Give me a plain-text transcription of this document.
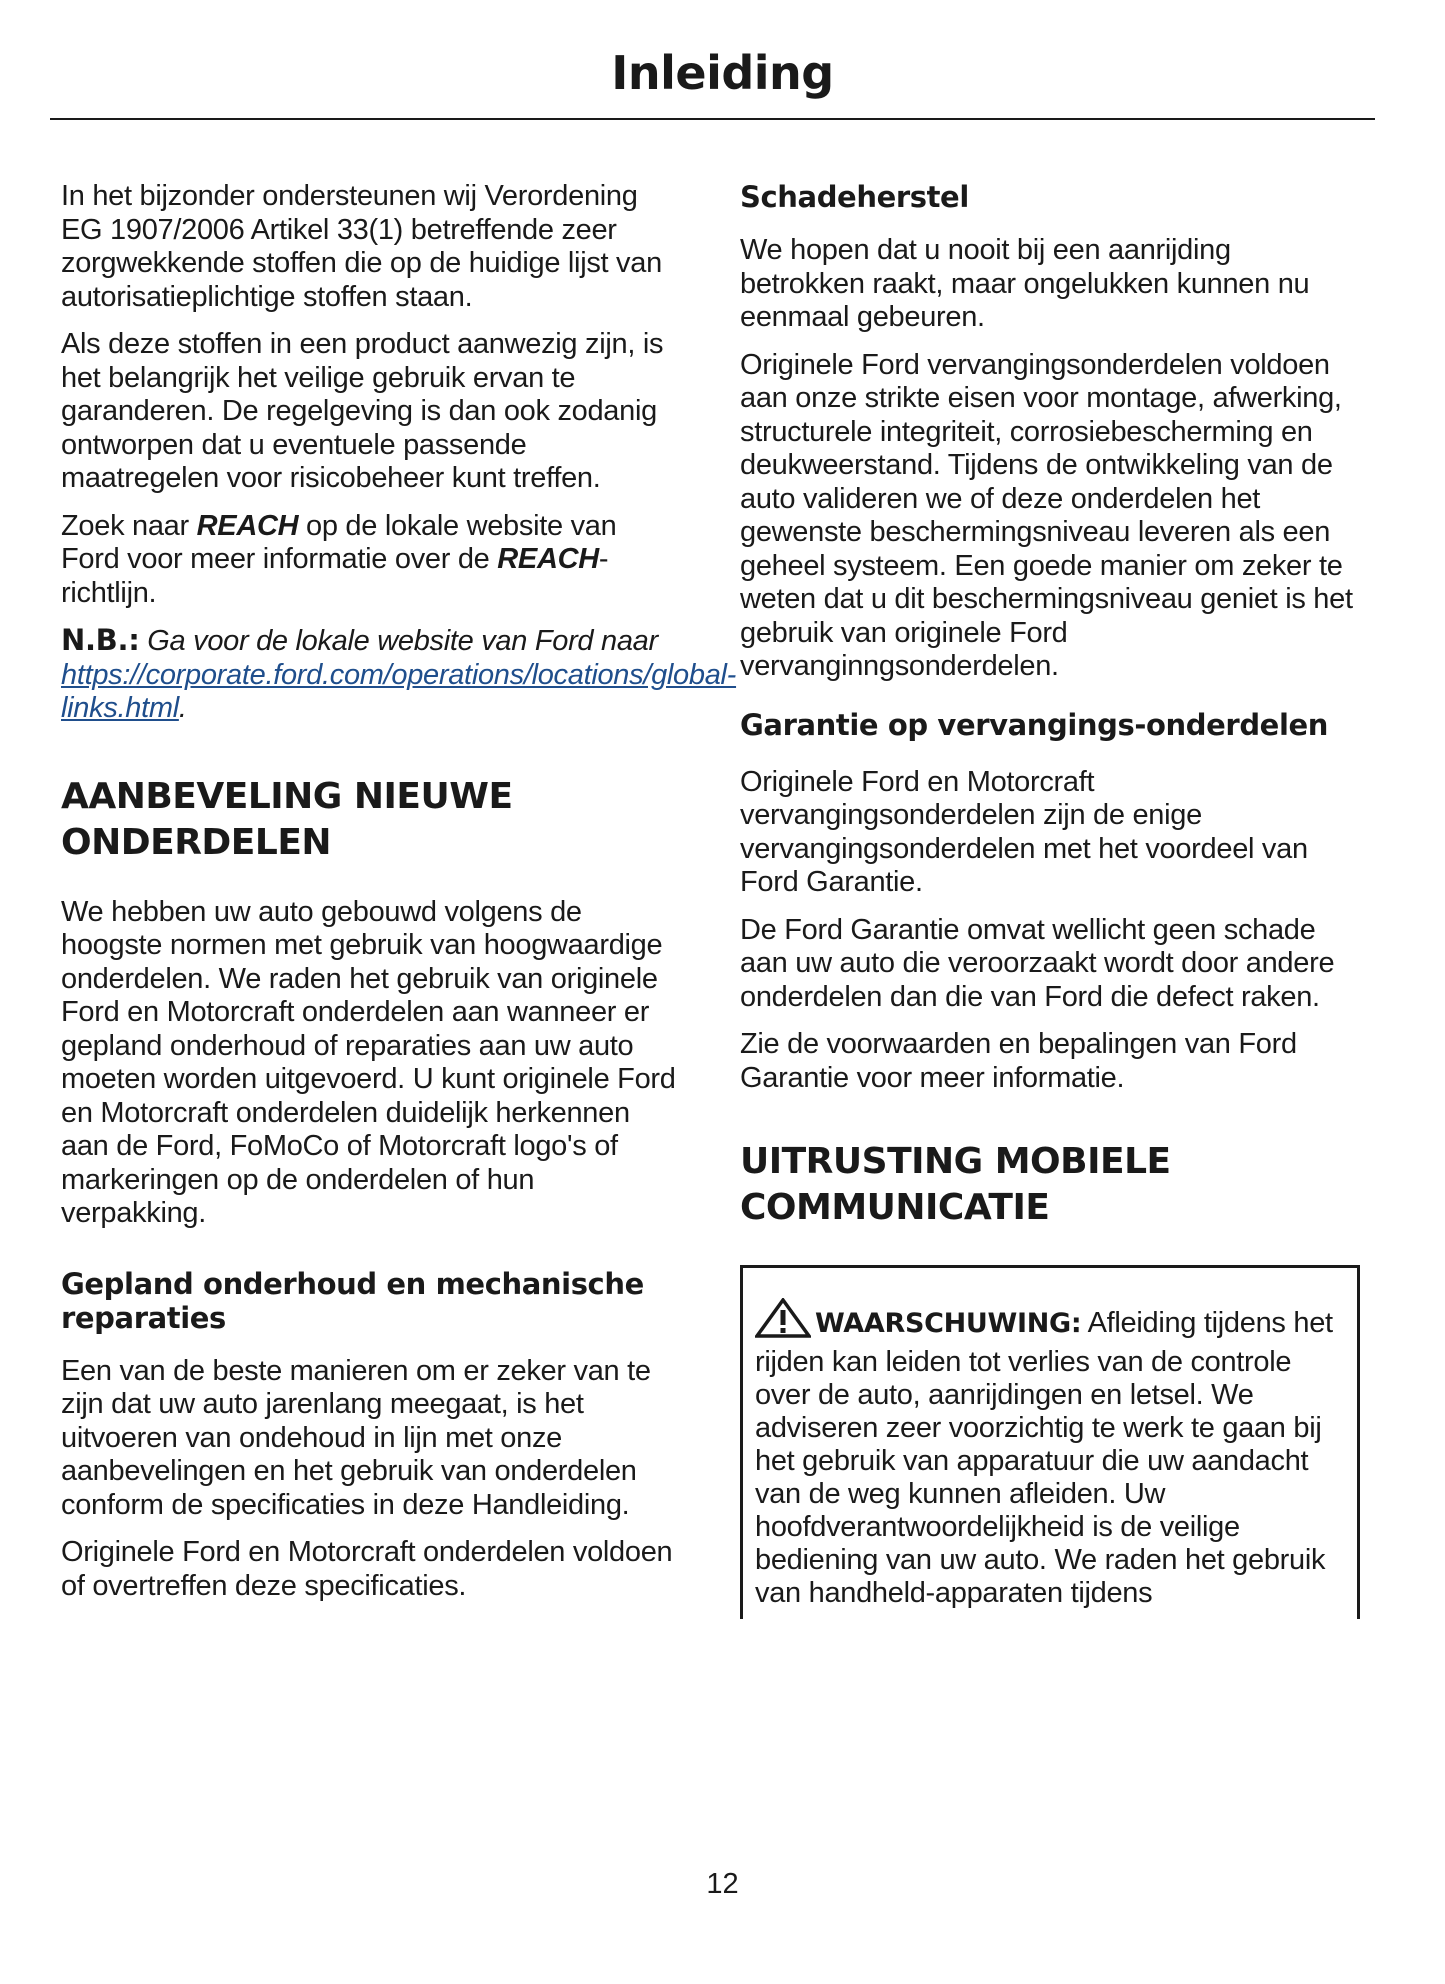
Inleiding

In het bijzonder ondersteunen wij Verordening EG 1907/2006 Artikel 33(1) betreffende zeer zorgwekkende stoffen die op de huidige lijst van autorisatieplichtige stoffen staan.

Als deze stoffen in een product aanwezig zijn, is het belangrijk het veilige gebruik ervan te garanderen. De regelgeving is dan ook zodanig ontworpen dat u eventuele passende maatregelen voor risicobeheer kunt treffen.

Zoek naar REACH op de lokale website van Ford voor meer informatie over de REACH-richtlijn.

N.B.: Ga voor de lokale website van Ford naar https://corporate.ford.com/operations/locations/global-links.html.

AANBEVELING NIEUWE ONDERDELEN

We hebben uw auto gebouwd volgens de hoogste normen met gebruik van hoogwaardige onderdelen. We raden het gebruik van originele Ford en Motorcraft onderdelen aan wanneer er gepland onderhoud of reparaties aan uw auto moeten worden uitgevoerd. U kunt originele Ford en Motorcraft onderdelen duidelijk herkennen aan de Ford, FoMoCo of Motorcraft logo's of markeringen op de onderdelen of hun verpakking.

Gepland onderhoud en mechanische reparaties

Een van de beste manieren om er zeker van te zijn dat uw auto jarenlang meegaat, is het uitvoeren van ondehoud in lijn met onze aanbevelingen en het gebruik van onderdelen conform de specificaties in deze Handleiding.

Originele Ford en Motorcraft onderdelen voldoen of overtreffen deze specificaties.

Schadeherstel

We hopen dat u nooit bij een aanrijding betrokken raakt, maar ongelukken kunnen nu eenmaal gebeuren.

Originele Ford vervangingsonderdelen voldoen aan onze strikte eisen voor montage, afwerking, structurele integriteit, corrosiebescherming en deukweerstand. Tijdens de ontwikkeling van de auto valideren we of deze onderdelen het gewenste beschermingsniveau leveren als een geheel systeem. Een goede manier om zeker te weten dat u dit beschermingsniveau geniet is het gebruik van originele Ford vervanginngsonderdelen.

Garantie op vervangings-onderdelen

Originele Ford en Motorcraft vervangingsonderdelen zijn de enige vervangingsonderdelen met het voordeel van Ford Garantie.

De Ford Garantie omvat wellicht geen schade aan uw auto die veroorzaakt wordt door andere onderdelen dan die van Ford die defect raken.

Zie de voorwaarden en bepalingen van Ford Garantie voor meer informatie.

UITRUSTING MOBIELE COMMUNICATIE

WAARSCHUWING: Afleiding tijdens het rijden kan leiden tot verlies van de controle over de auto, aanrijdingen en letsel. We adviseren zeer voorzichtig te werk te gaan bij het gebruik van apparatuur die uw aandacht van de weg kunnen afleiden. Uw hoofdverantwoordelijkheid is de veilige bediening van uw auto. We raden het gebruik van handheld-apparaten tijdens

12
